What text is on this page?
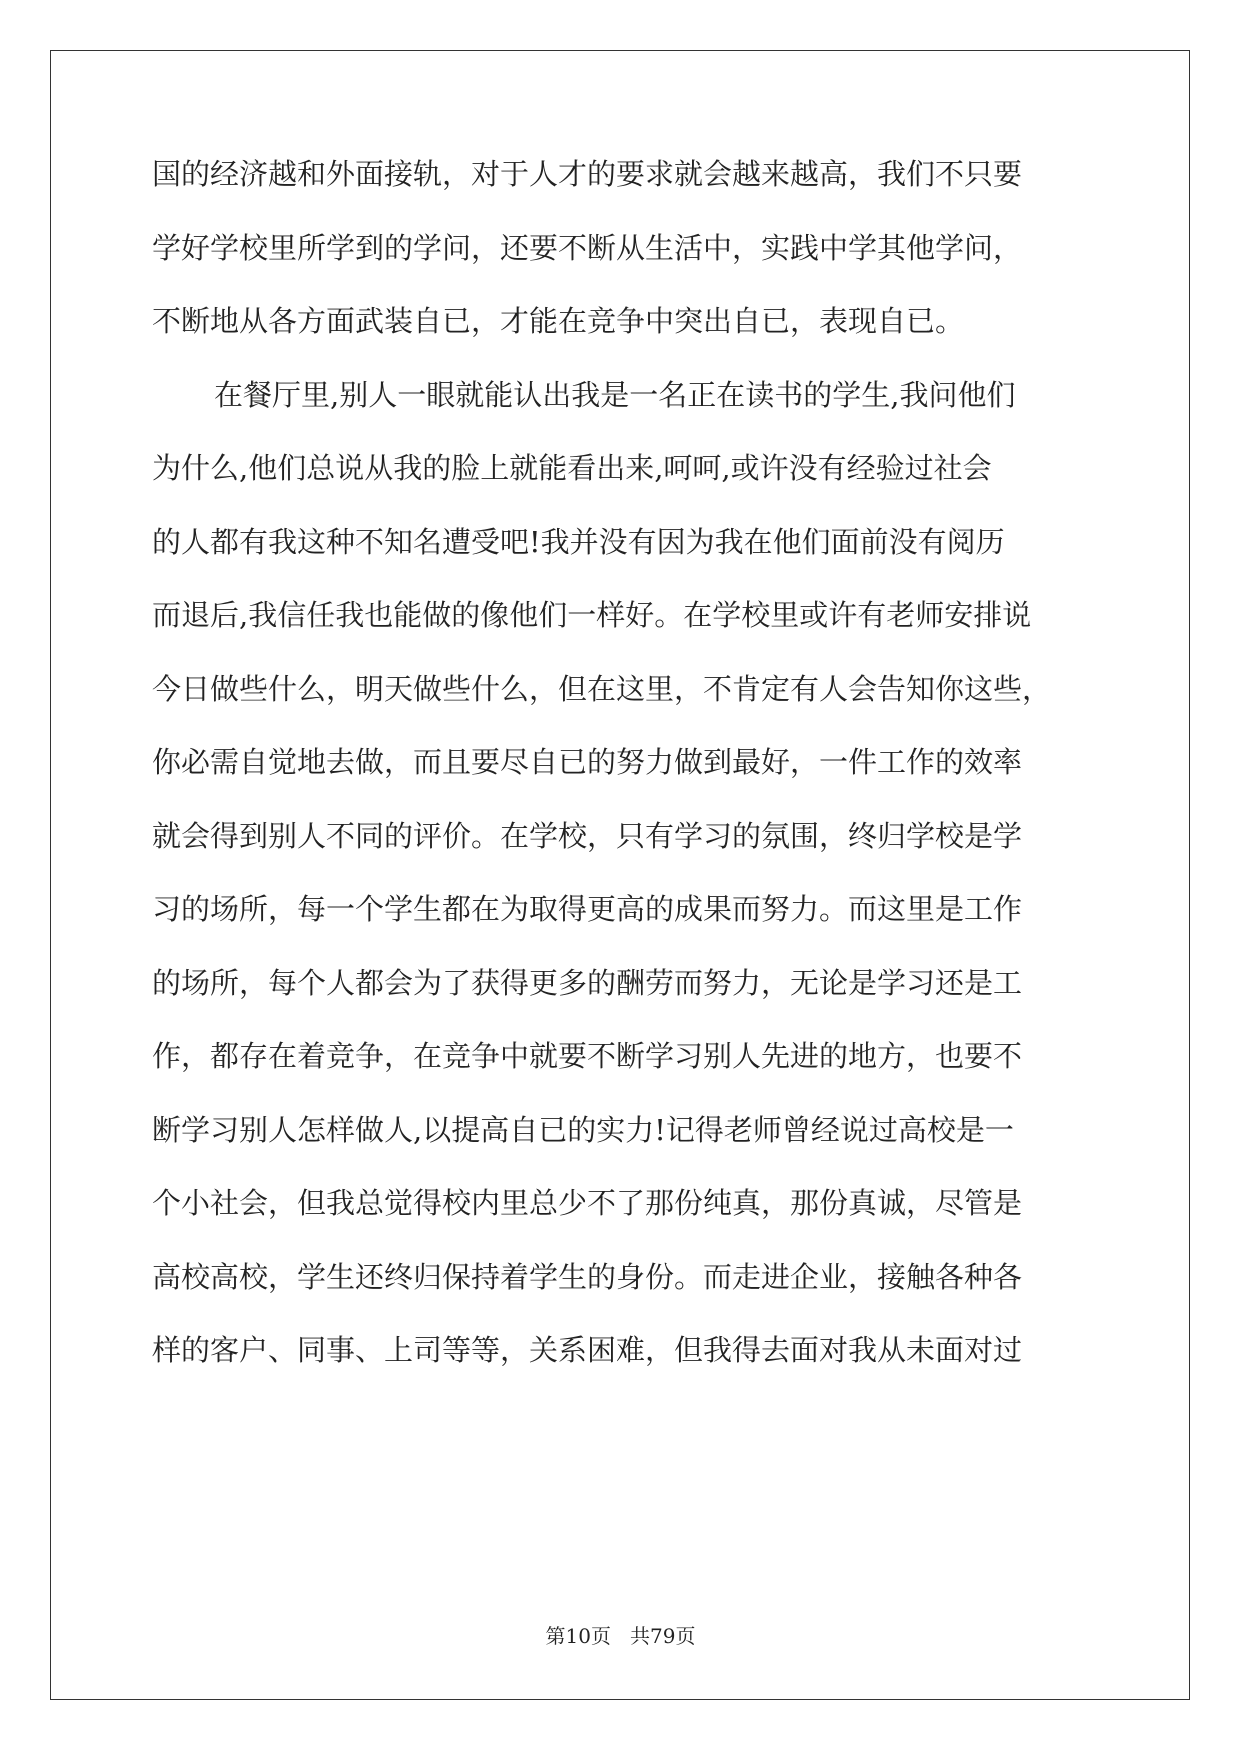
国的经济越和外面接轨，对于人才的要求就会越来越高，我们不只要
学好学校里所学到的学问，还要不断从生活中，实践中学其他学问，
不断地从各方面武装自已，才能在竞争中突出自已，表现自已。
在餐厅里,别人一眼就能认出我是一名正在读书的学生,我问他们
为什么,他们总说从我的脸上就能看出来,呵呵,或许没有经验过社会
的人都有我这种不知名遭受吧!我并没有因为我在他们面前没有阅历
而退后,我信任我也能做的像他们一样好。在学校里或许有老师安排说
今日做些什么，明天做些什么，但在这里，不肯定有人会告知你这些，
你必需自觉地去做，而且要尽自已的努力做到最好，一件工作的效率
就会得到别人不同的评价。在学校，只有学习的氛围，终归学校是学
习的场所，每一个学生都在为取得更高的成果而努力。而这里是工作
的场所，每个人都会为了获得更多的酬劳而努力，无论是学习还是工
作，都存在着竞争，在竞争中就要不断学习别人先进的地方，也要不
断学习别人怎样做人,以提高自已的实力!记得老师曾经说过高校是一
个小社会，但我总觉得校内里总少不了那份纯真，那份真诚，尽管是
高校高校，学生还终归保持着学生的身份。而走进企业，接触各种各
样的客户、同事、上司等等，关系困难，但我得去面对我从未面对过
第10页   共79页
